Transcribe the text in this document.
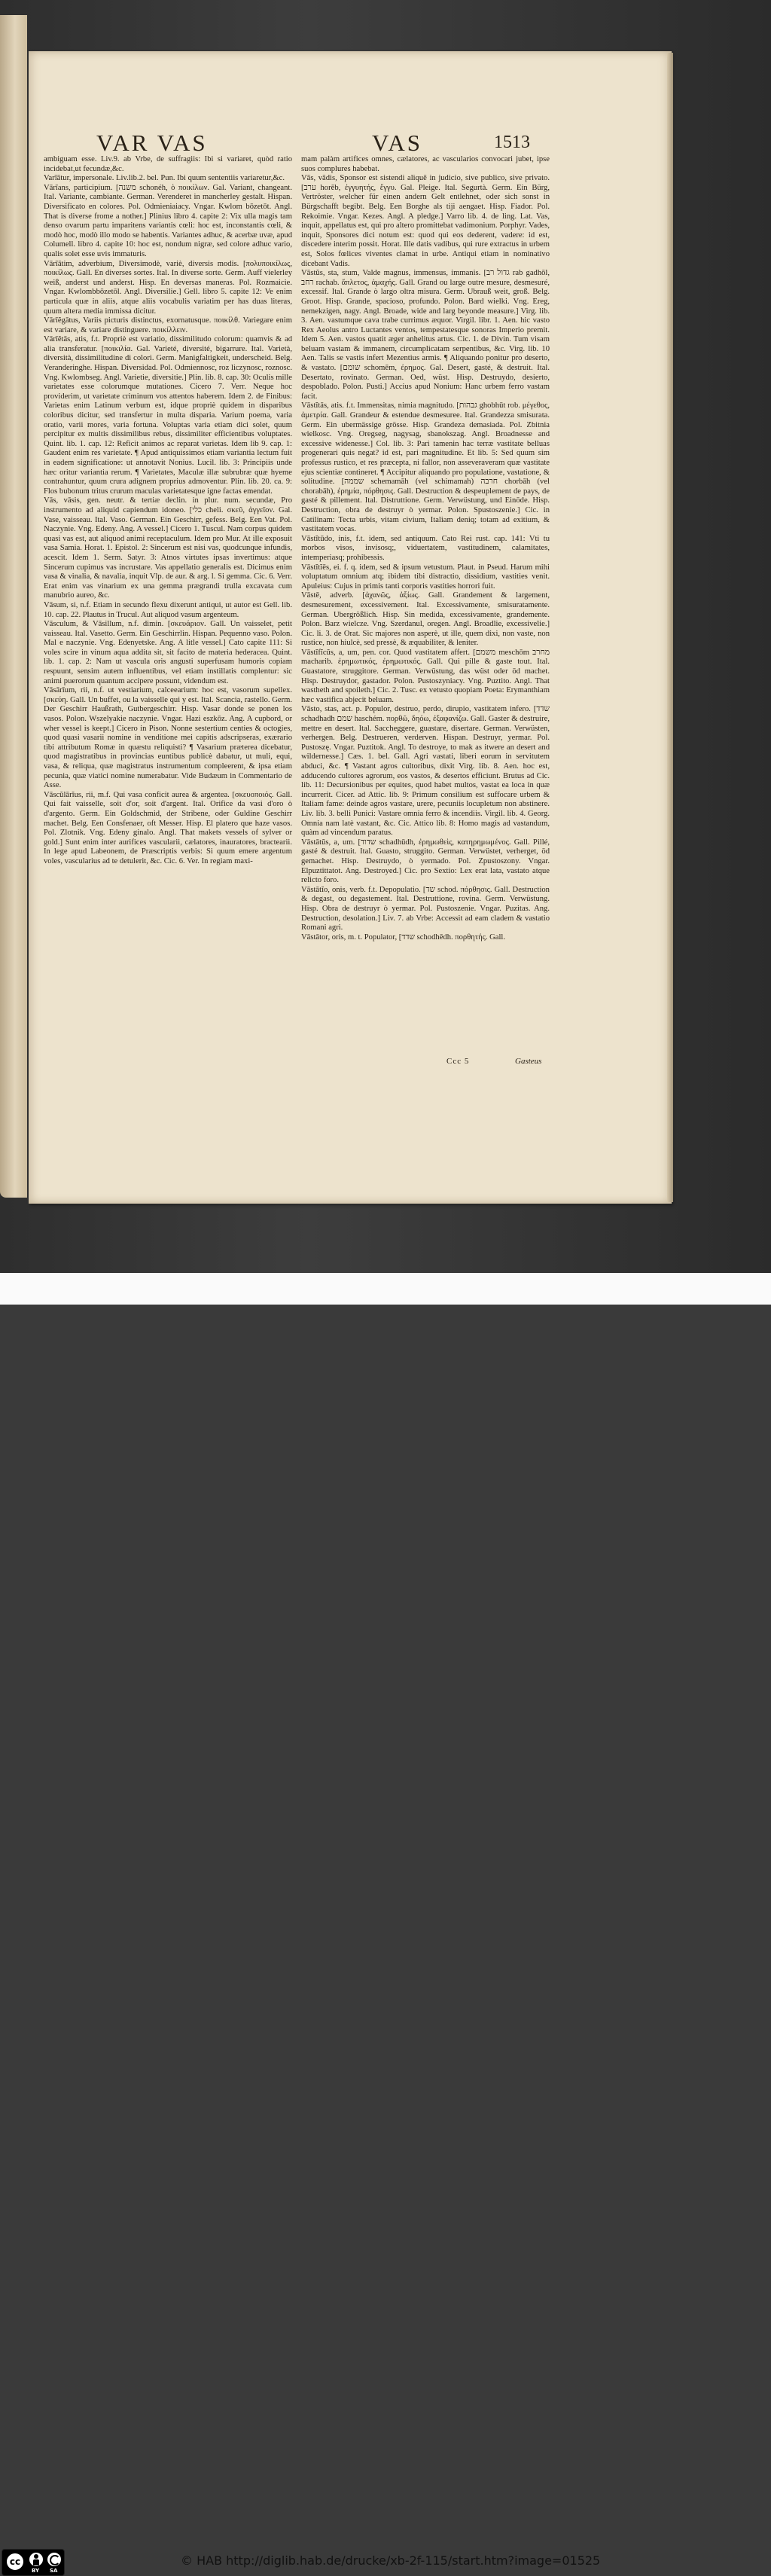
VAR VAS	VAS	1513

ambiguam esse. Liv.9. ab Vrbe, de suffragiis: Ibi si variaret, quòd ratio incidebat,ut fecundæ,&c.

Varīātur, impersonale. Liv.lib.2. bel. Pun. Ibi quum sententiis variaretur,&c.

Vārīans, participium. [משנה schonéh, ὁ ποικίλων. Gal. Variant, changeant. Ital. Variante, cambiante. German. Verenderet in mancherley gestalt. Hispan. Diversificato en colores. Pol. Odmieniaiacy. Vngar. Kwlom bōzetōt. Angl. That is diverse frome a nother.] Plinius libro 4. capite 2: Vix ulla magis tam denso ovarum partu imparitens variantis cœli: hoc est, inconstantis cœli, & modò hoc, modò illo modo se habentis. Variantes adhuc, & acerbæ uvæ, apud Columell. libro 4. capite 10: hoc est, nondum nigræ, sed colore adhuc vario, qualis solet esse uvis immaturis.

Vārīātim, adverbium, Diversimodè, variè, diversis modis. [πολυποικίλως, ποικίλως. Gall. En diverses sortes. Ital. In diverse sorte. Germ. Auff vielerley weiß, anderst und anderst. Hisp. En deversas maneras. Pol. Rozmaicie. Vngar. Kwlombbōzetōl. Angl. Diversilie.] Gell. libro 5. capite 12: Ve enim particula quæ in aliis, atque aliis vocabulis variatim per has duas literas, quum altera media immissa dicitur.

Vārīĕgātus, Variis picturis distinctus, exornatusque. ποικίλθ. Variegare enim est variare, & variare distinguere. ποικίλλειν.

Vārīĕtās, atis, f.t. Propriè est variatio, dissimilitudo colorum: quamvis & ad alia transferatur. [ποικιλία. Gal. Varieté, diversité, bigarrure. Ital. Varietà, diversità, dissimilitudine di colori. Germ. Manigfaltigkeit, underscheid. Belg. Veranderinghe. Hispan. Diversidad. Pol. Odmiennosc, roz liczynosc, roznosc. Vng. Kwlombseg. Angl. Varietie, diversitie.] Plin. lib. 8. cap. 30: Oculis mille varietates esse colorumque mutationes. Cicero 7. Verr. Neque hoc providerim, ut varietate criminum vos attentos haberem. Idem 2. de Finibus: Varietas enim Latinum verbum est, idque propriè quidem in disparibus coloribus dicitur, sed transfertur in multa disparia. Varium poema, varia oratio, varii mores, varia fortuna. Voluptas varia etiam dici solet, quum percipitur ex multis dissimilibus rebus, dissimiliter efficientibus voluptates. Quint. lib. 1. cap. 12: Reficit animos ac reparat varietas. Idem lib 9. cap. 1: Gaudent enim res varietate. ¶ Apud antiquissimos etiam variantia lectum fuit in eadem significatione: ut annotavit Nonius. Lucil. lib. 3: Principiis unde hæc oritur variantia rerum. ¶ Varietates, Maculæ illæ subrubræ quæ hyeme contrahuntur, quum crura adignem proprius admoventur. Plin. lib. 20. ca. 9: Flos bubonum tritus crurum maculas varietatesque igne factas emendat.

Vās, vāsis, gen. neutr. & tertiæ declin. in plur. num. secundæ, Pro instrumento ad aliquid capiendum idoneo. [כלי cheli. σκεῦ, ἀγγεῖον. Gal. Vase, vaisseau. Ital. Vaso. German. Ein Geschirr, gefess. Belg. Een Vat. Pol. Naczynie. Vng. Edeny. Ang. A vessel.] Cicero 1. Tuscul. Nam corpus quidem quasi vas est, aut aliquod animi receptaculum. Idem pro Mur. At ille exposuit vasa Samia. Horat. 1. Epistol. 2: Sincerum est nisi vas, quodcunque infundis, acescit. Idem 1. Serm. Satyr. 3: Atnos virtutes ipsas invertimus: atque Sincerum cupimus vas incrustare. Vas appellatio generalis est. Dicimus enim vasa & vinalia, & navalia, inquit Vlp. de aur. & arg. l. Si gemma. Cic. 6. Verr. Erat enim vas vinarium ex una gemma prægrandi trulla excavata cum manubrio aureo, &c.

Vāsum, si, n.f. Etiam in secundo flexu dixerunt antiqui, ut autor est Gell. lib. 10. cap. 22. Plautus in Trucul. Aut aliquod vasum argenteum.

Vāsculum, & Vāsillum, n.f. dimin. [σκευάριον. Gall. Un vaisselet, petit vaisseau. Ital. Vasetto. Germ. Ein Geschirrlin. Hispan. Pequenno vaso. Polon. Mal e naczynie. Vng. Edenyetske. Ang. A litle vessel.] Cato capite 111: Si voles scire in vinum aqua addita sit, sit facito de materia hederacea. Quint. lib. 1. cap. 2: Nam ut vascula oris angusti superfusam humoris copiam respuunt, sensim autem influentibus, vel etiam instillatis complentur: sic animi puerorum quantum accipere possunt, videndum est.

Vāsārīum, rii, n.f. ut vestiarium, calceearium: hoc est, vasorum supellex. [σκεύη. Gall. Un buffet, ou la vaisselle qui y est. Ital. Scancia, rastello. Germ. Der Geschirr Haußrath, Gutbergeschirr. Hisp. Vasar donde se ponen los vasos. Polon. Wszelyakie naczynie. Vngar. Hazi eszkōz. Ang. A cupbord, or wher vessel is keept.] Cicero in Pison. Nonne sestertium centies & octogies, quod quasi vasarii nomine in venditione mei capitis adscripseras, exærario tibi attributum Romæ in quæstu reliquisti? ¶ Vasarium præterea dicebatur, quod magistratibus in provincias euntibus publicè dabatur, ut muli, equi, vasa, & reliqua, quæ magistratus instrumentum compleerent, & ipsa etiam pecunia, quæ viatici nomine numerabatur. Vide Budæum in Commentario de Asse.

Vāscŭlārĭus, rii, m.f. Qui vasa conficit aurea & argentea. [σκευοποιός. Gall. Qui fait vaisselle, soit d'or, soit d'argent. Ital. Orifice da vasi d'oro ò d'argento. Germ. Ein Goldschmid, der Stribene, oder Guldine Geschirr machet. Belg. Een Consfenaer, oft Messer. Hisp. El platero que haze vasos. Pol. Zlotnik. Vng. Edeny ginalo. Angl. That makets vessels of sylver or gold.] Sunt enim inter aurifices vascularii, cælatores, inauratores, bractearii. In lege apud Labeonem, de Præscriptis verbis: Si quum emere argentum voles, vascularius ad te detulerit, &c. Cic. 6. Ver. In regiam maxi-

mam palàm artifices omnes, cælatores, ac vascularios convocari jubet, ipse suos complures habebat.

Vās, vādis, Sponsor est sistendi aliquē in judicio, sive publico, sive privato. [ערב horēb, ἐγγυητής, ἔγγυ. Gal. Pleige. Ital. Segurtà. Germ. Ein Bürg, Vertröster, welcher für einen andern Gelt entlehnet, oder sich sonst in Bürgschafft begibt. Belg. Een Borghe als tiji aengaet. Hisp. Fiador. Pol. Rekoimie. Vngar. Kezes. Angl. A pledge.] Varro lib. 4. de ling. Lat. Vas, inquit, appellatus est, qui pro altero promittebat vadimonium. Porphyr. Vades, inquit, Sponsores dici notum est: quod qui eos dederent, vadere: id est, discedere interim possit. Horat. Ille datis vadibus, qui rure extractus in urbem est, Solos fœlices viventes clamat in urbe. Antiqui etiam in nominativo dicebant Vadis.

Vāstŭs, sta, stum, Valde magnus, immensus, immanis. [גדול רב rab gadhōl, רחב rachab. ἄπλετος, ἀμαχής. Gall. Grand ou large outre mesure, desmesuré, excessif. Ital. Grande ò largo oltra misura. Germ. Ubrauß weit, groß. Belg. Groot. Hisp. Grande, spacioso, profundo. Polon. Bard wielki. Vng. Ereg, nemekzigen, nagy. Angl. Broade, wide and larg beyonde measure.] Virg. lib. 3. Aen. vastumque cava trabe currimus æquor. Virgil. libr. 1. Aen. hic vasto Rex Aeolus antro Luctantes ventos, tempestatesque sonoras Imperio premit. Idem 5. Aen. vastos quatit æger anhelitus artus. Cic. 1. de Divin. Tum visam beluam vastam & immanem, circumplicatam serpentibus, &c. Virg. lib. 10 Aen. Talis se vastis infert Mezentius armis. ¶ Aliquando ponitur pro deserto, & vastato. [שומם schomēm, ἐρημος. Gal. Desert, gasté, & destruit. Ital. Desertato, rovinato. German. Oed, wüst. Hisp. Destruydo, desierto, despoblado. Polon. Pusti.] Accius apud Nonium: Hanc urbem ferro vastam facit.

Vāstĭtās, atis. f.t. Immensitas, nimia magnitudo. [גבהות ghobhūt rob. μέγεθος, ἀμετρία. Gall. Grandeur & estendue desmesuree. Ital. Grandezza smisurata. Germ. Ein ubermässige grösse. Hisp. Grandeza demasiada. Pol. Zbitnia wielkosc. Vng. Oregseg, nagysag, sbanokszag. Angl. Broadnesse and excessive widenesse.] Col. lib. 3: Pari tamenin hac terræ vastitate belluas progenerari quis negat? id est, pari magnitudine. Et lib. 5: Sed quum sim professus rustico, et res præcepta, ni fallor, non asseveraveram quæ vastitate ejus scientiæ contineret. ¶ Accipitur aliquando pro populatione, vastatione, & solitudine. [שממה schemamāh (vel schimamah) חרבה chorbāh (vel chorabāh), ἐρημία, πόρθησις. Gall. Destruction & despeuplement de pays, de gasté & pillement. Ital. Distruttione. Germ. Verwüstung, und Einöde. Hisp. Destruction, obra de destruyr ò yermar. Polon. Spustoszenie.] Cic. in Catilinam: Tecta urbis, vitam civium, Italiam deniq; totam ad exitium, & vastitatem vocas.

Vāstĭtūdo, inis, f.t. idem, sed antiquum. Cato Rei rust. cap. 141: Vti tu morbos visos, invisosq;, viduertatem, vastitudinem, calamitates, intemperiasq; prohibessis.

Vāstĭtĭēs, ei. f. q. idem, sed & ipsum vetustum. Plaut. in Pseud. Harum mihi voluptatum omnium atq; ibidem tibi distractio, dissidium, vastities venit. Apuleius: Cujus in primis tanti corporis vastities horrori fuit.

Vāstē, adverb. [ἀχανῶς, ἀξίως. Gall. Grandement & largement, desmesurement, excessivement. Ital. Excessivamente, smisuratamente. German. Ubergrößlich. Hisp. Sin medida, excessivamente, grandemente. Polon. Barz wielcze. Vng. Szerdanul, oregen. Angl. Broadlie, excessivelie.] Cic. li. 3. de Orat. Sic majores non asperè, ut ille, quem dixi, non vaste, non rustice, non hiulcè, sed pressè, & æquabiliter, & leniter.

Vāstĭfĭcŭs, a, um, pen. cor. Quod vastitatem affert. [משמם meschōm מחרב macharib. ἐρημωτικός, ἐρημωτικός. Gall. Qui pille & gaste tout. Ital. Guastatore, struggitore. German. Verwüstung, das wüst oder öd machet. Hisp. Destruydor, gastador. Polon. Pustoszyniacy. Vng. Puztito. Angl. That wastheth and spoileth.] Cic. 2. Tusc. ex vetusto quopiam Poeta: Erymanthiam hæc vastifica abjecit beluam.

Vāsto, stas, act. p. Populor, destruo, perdo, dirupio, vastitatem infero. [שדד schadhadh שמם haschém. πορθῶ, δηόω, ἐξαφανίζω. Gall. Gaster & destruire, mettre en desert. Ital. Saccheggere, guastare, disertare. German. Verwüsten, verhergen. Belg. Destrueren, verderven. Hispan. Destruyr, yermar. Pol. Pustoszę. Vngar. Puztitok. Angl. To destroye, to mak as itwere an desert and wildernesse.] Cæs. 1. bel. Gall. Agri vastati, liberi eorum in servitutem abduci, &c. ¶ Vastant agros cultoribus, dixit Virg. lib. 8. Aen. hoc est, adducendo cultores agrorum, eos vastos, & desertos efficiunt. Brutus ad Cic. lib. 11: Decursionibus per equites, quod habet multos, vastat ea loca in quæ incurrerit. Cicer. ad Attic. lib. 9: Primum consilium est suffocare urbem & Italiam fame: deinde agros vastare, urere, pecuniis locupletum non abstinere. Liv. lib. 3. belli Punici: Vastare omnia ferro & incendiis. Virgil. lib. 4. Georg. Omnia nam latè vastant, &c. Cic. Attico lib. 8: Homo magis ad vastandum, quàm ad vincendum paratus.

Vāstātŭs, a, um. [שדוד schadhūdh, ἐρημωθεὶς, κατηρημωμένος. Gall. Pillé, gasté & destruit. Ital. Guasto, struggito. German. Verwüstet, verherget, öd gemachet. Hisp. Destruydo, ò yermado. Pol. Zpustoszony. Vngar. Elpuztittatot. Ang. Destroyed.] Cic. pro Sextio: Lex erat lata, vastato atque relicto foro.

Vāstātĭo, onis, verb. f.t. Depopulatio. [שד schod. πόρθησις. Gall. Destruction & degast, ou degastement. Ital. Destruttione, rovina. Germ. Verwüstung. Hisp. Obra de destruyr ò yermar. Pol. Pustoszenie. Vngar. Puzitas. Ang. Destruction, desolation.] Liv. 7. ab Vrbe: Accessit ad eam cladem & vastatio Romani agri.

Vāstātor, oris, m. t. Populator, [שדד schodhēdh. πορθητής. Gall.

Ccc 5	Gasteus
cc
BY SA
© HAB http://diglib.hab.de/drucke/xb-2f-115/start.htm?image=01525
